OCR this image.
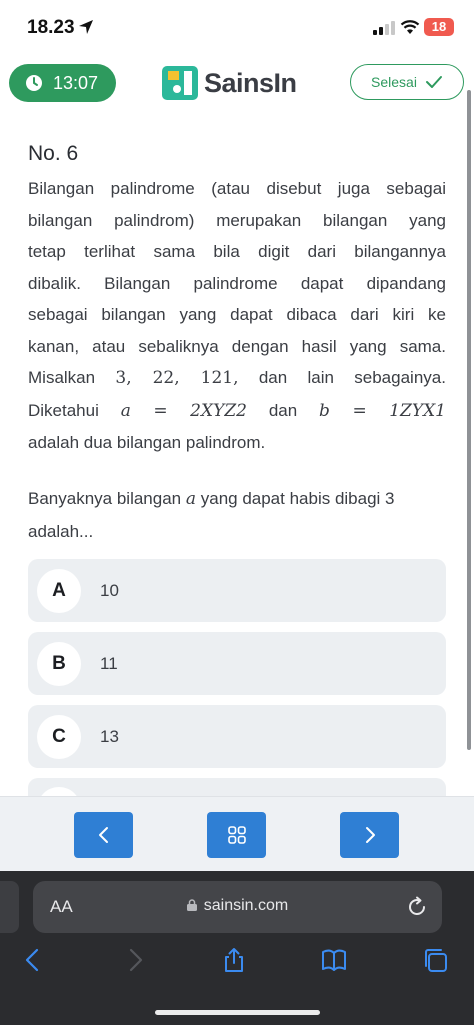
18.23	18
13:07	SainsIn	Selesai
No. 6

Bilangan palindrome (atau disebut juga sebagai

bilangan palindrom) merupakan bilangan yang

tetap terlihat sama bila digit dari bilangannya

dibalik. Bilangan palindrome dapat dipandang

sebagai bilangan yang dapat dibaca dari kiri ke

kanan, atau sebaliknya dengan hasil yang sama.

Misalkan 3, 22, 121, dan lain sebagainya.

Diketahui a = 2XYZ2 dan b = 1ZYX1

adalah dua bilangan palindrom.

Banyaknya bilangan a yang dapat habis dibagi 3
adalah...
A	10
B	11
C	13
AA	sainsin.com
